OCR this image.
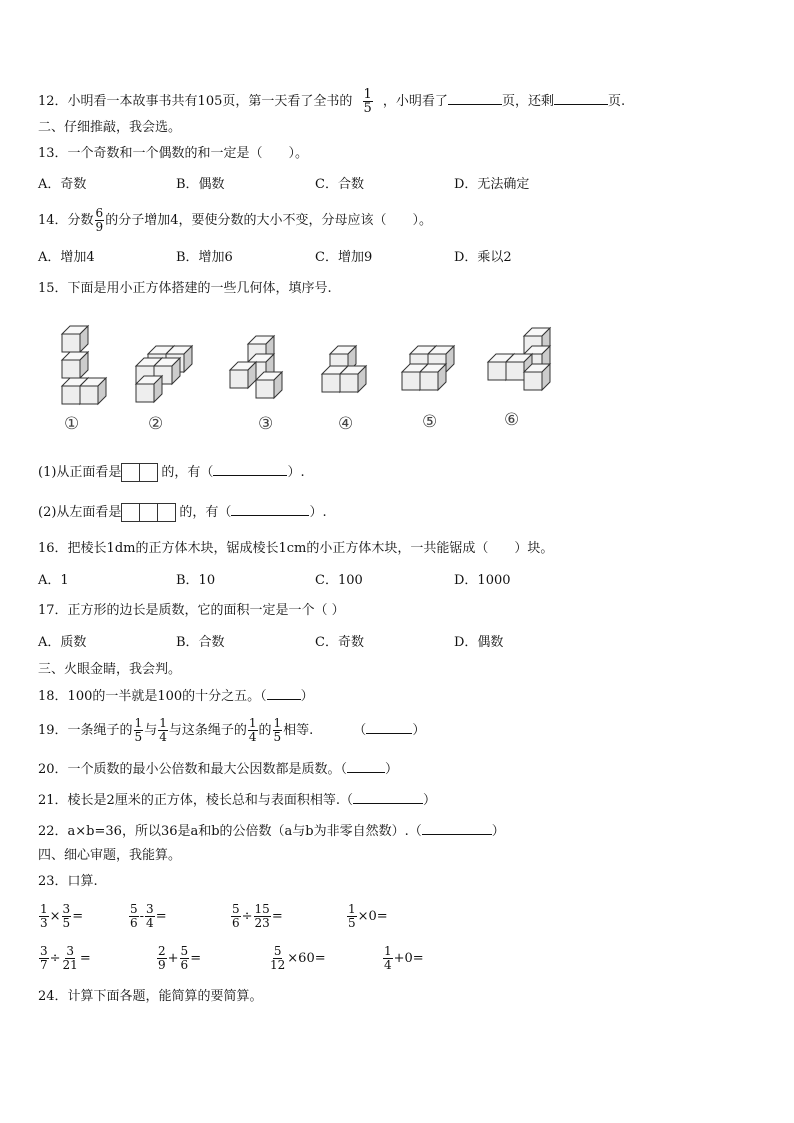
12．小明看一本故事书共有105页，第一天看了全书的 $\frac{1}{5}$ ，小明看了	页，还剩	页.
二、仔细推敲，我会选。
13．一个奇数和一个偶数的和一定是（　　）。
A．奇数	B．偶数	C．合数	D．无法确定
14．分数 $\frac{6}{9}$ 的分子增加4，要使分数的大小不变，分母应该（　　）。
A．增加4	B．增加6	C．增加9	D．乘以2
15．下面是用小正方体搭建的一些几何体，填序号.
①	②	③	④	⑤	⑥
(1)从正面看是	的，有（	）.
(2)从左面看是	的，有（	）.
16．把棱长1dm的正方体木块，锯成棱长1cm的小正方体木块，一共能锯成（　　）块。
A．1	B．10	C．100	D．1000
17．正方形的边长是质数，它的面积一定是一个（ ）
A．质数	B．合数	C．奇数	D．偶数
三、火眼金睛，我会判。
18．100的一半就是100的十分之五。（	）
19．一条绳子的 $\frac{1}{5}$ 与 $\frac{1}{4}$ 与这条绳子的 $\frac{1}{4}$ 的 $\frac{1}{5}$ 相等.	（	）
20．一个质数的最小公倍数和最大公因数都是质数。（	）
21．棱长是2厘米的正方体，棱长总和与表面积相等.（	）
22．a×b=36，所以36是a和b的公倍数（a与b为非零自然数）.（	）
四、细心审题，我能算。
23．口算.
$\frac{1}{3} \times \frac{3}{5}$ =	$\frac{5}{6} - \frac{3}{4}$ =	$\frac{5}{6} \div \frac{15}{23}$ =	$\frac{1}{5} \times 0=$
$\frac{3}{7} \div \frac{3}{21}$ =	$\frac{2}{9} + \frac{5}{6}$ =	$\frac{5}{12} \times 60=$	$\frac{1}{4} +0=$
24．计算下面各题，能简算的要简算。
